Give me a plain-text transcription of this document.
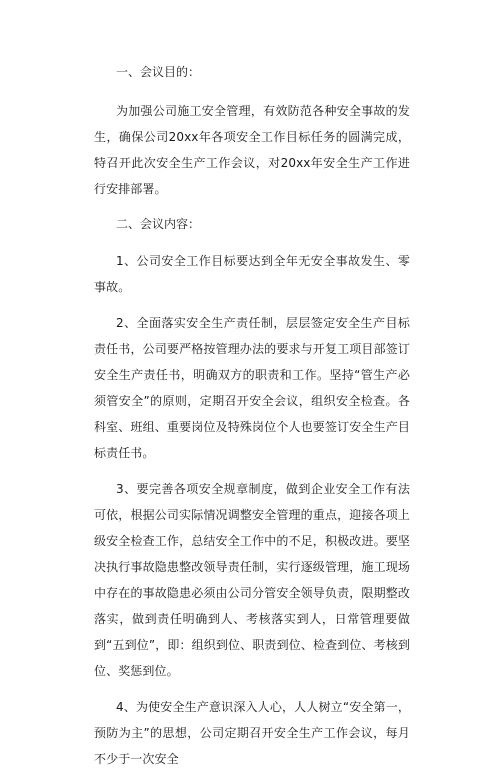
一、会议目的：

为加强公司施工安全管理，有效防范各种安全事故的发生，确保公司20xx年各项安全工作目标任务的圆满完成，特召开此次安全生产工作会议，对20xx年安全生产工作进行安排部署。

二、会议内容：

1、公司安全工作目标要达到全年无安全事故发生、零事故。

2、全面落实安全生产责任制，层层签定安全生产目标责任书，公司要严格按管理办法的要求与开复工项目部签订安全生产责任书，明确双方的职责和工作。坚持“管生产必须管安全”的原则，定期召开安全会议，组织安全检查。各科室、班组、重要岗位及特殊岗位个人也要签订安全生产目标责任书。

3、要完善各项安全规章制度，做到企业安全工作有法可依，根据公司实际情况调整安全管理的重点，迎接各项上级安全检查工作，总结安全工作中的不足，积极改进。要坚决执行事故隐患整改领导责任制，实行逐级管理，施工现场中存在的事故隐患必须由公司分管安全领导负责，限期整改落实，做到责任明确到人、考核落实到人，日常管理要做到“五到位”，即：组织到位、职责到位、检查到位、考核到位、奖惩到位。

4、为使安全生产意识深入人心，人人树立“安全第一，预防为主”的思想，公司定期召开安全生产工作会议，每月不少于一次安全
